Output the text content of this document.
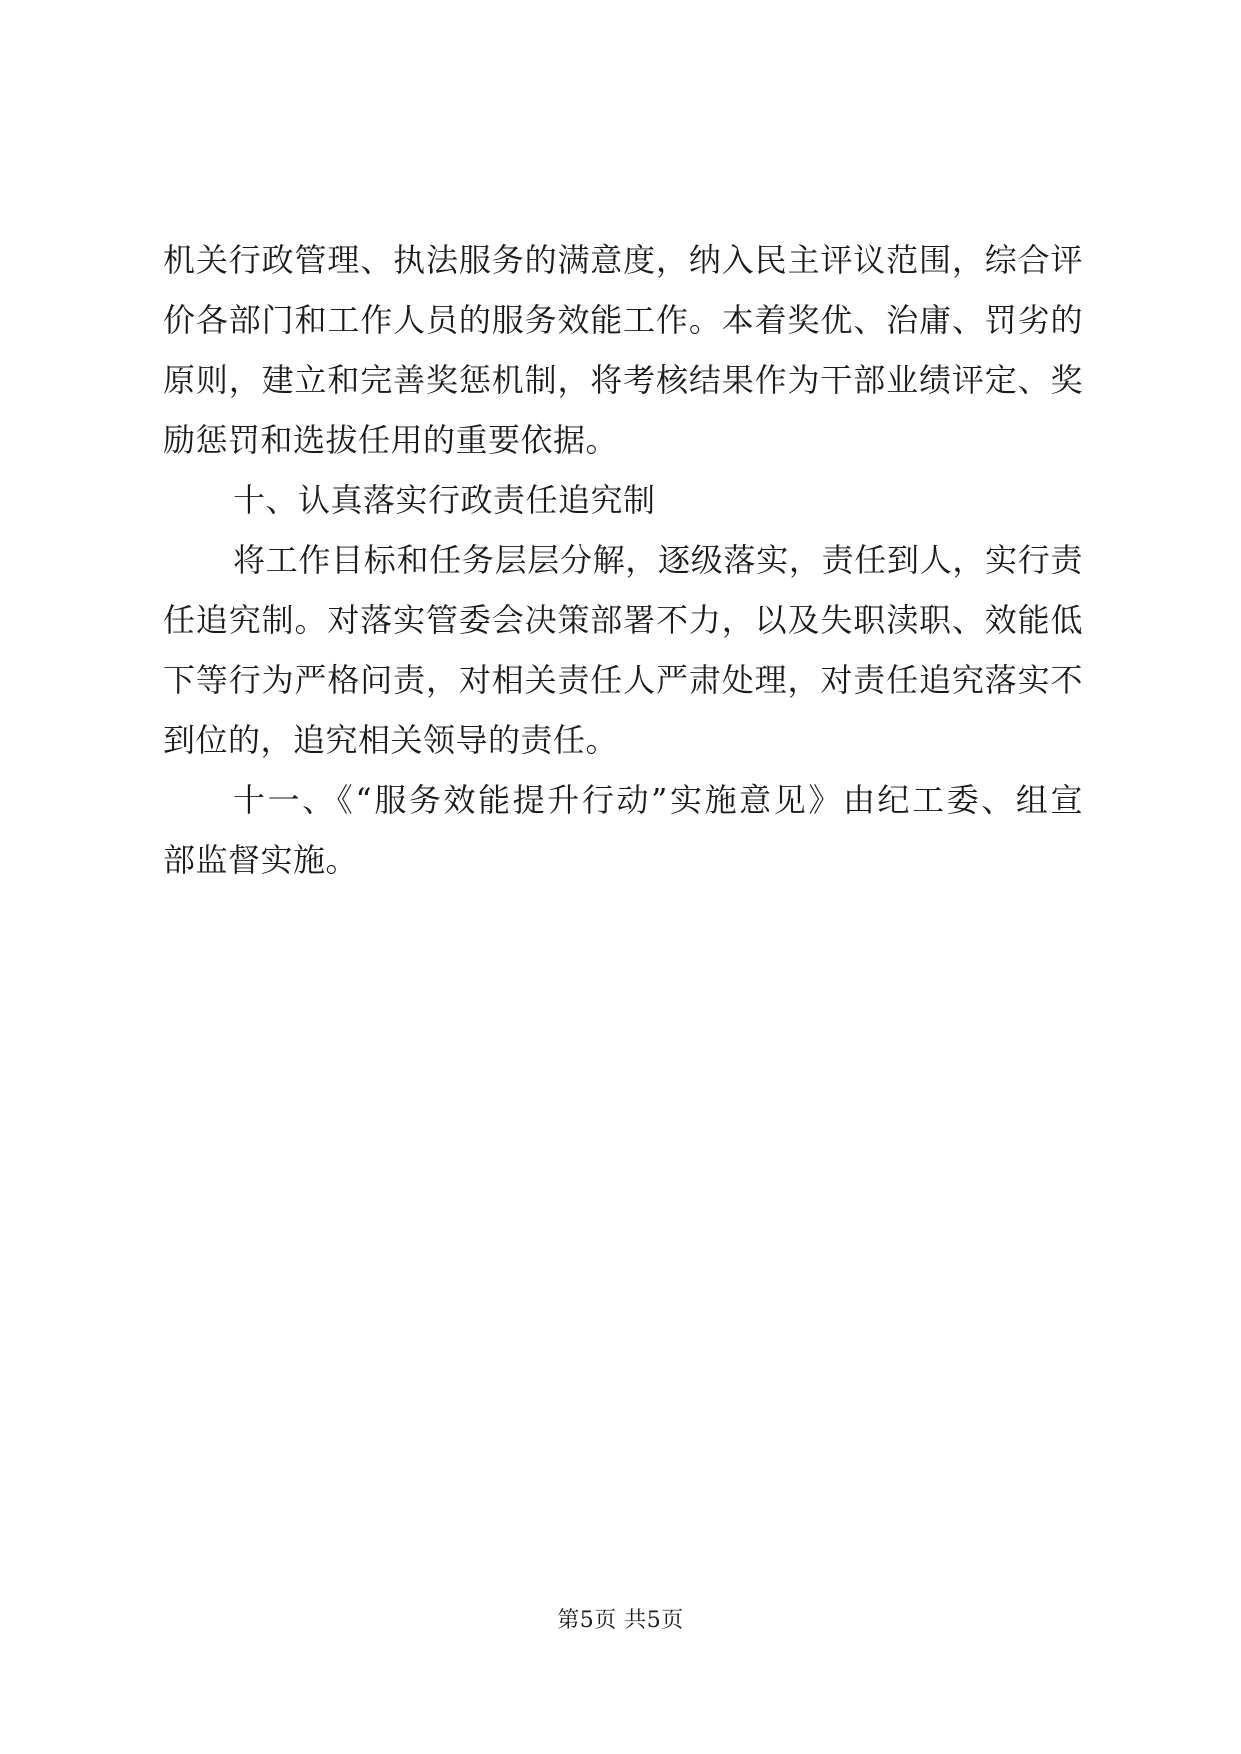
机关行政管理、执法服务的满意度，纳入民主评议范围，综合评
价各部门和工作人员的服务效能工作。本着奖优、治庸、罚劣的
原则，建立和完善奖惩机制，将考核结果作为干部业绩评定、奖
励惩罚和选拔任用的重要依据。
十、认真落实行政责任追究制
将工作目标和任务层层分解，逐级落实，责任到人，实行责
任追究制。对落实管委会决策部署不力，以及失职渎职、效能低
下等行为严格问责，对相关责任人严肃处理，对责任追究落实不
到位的，追究相关领导的责任。
十一、《“服务效能提升行动”实施意见》由纪工委、组宣
部监督实施。
第5页 共5页
